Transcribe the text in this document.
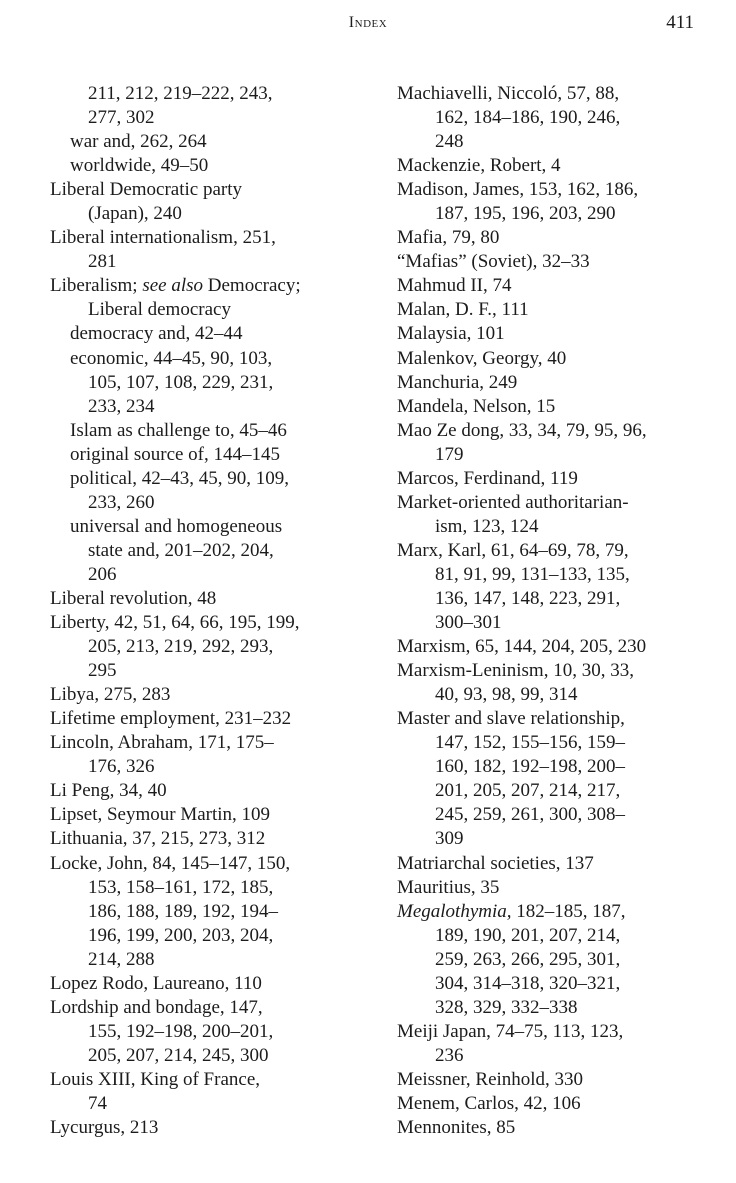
Index	411
211, 212, 219–222, 243,
277, 302
war and, 262, 264
worldwide, 49–50
Liberal Democratic party
(Japan), 240
Liberal internationalism, 251,
281
Liberalism; see also Democracy;
Liberal democracy
democracy and, 42–44
economic, 44–45, 90, 103,
105, 107, 108, 229, 231,
233, 234
Islam as challenge to, 45–46
original source of, 144–145
political, 42–43, 45, 90, 109,
233, 260
universal and homogeneous
state and, 201–202, 204,
206
Liberal revolution, 48
Liberty, 42, 51, 64, 66, 195, 199,
205, 213, 219, 292, 293,
295
Libya, 275, 283
Lifetime employment, 231–232
Lincoln, Abraham, 171, 175–
176, 326
Li Peng, 34, 40
Lipset, Seymour Martin, 109
Lithuania, 37, 215, 273, 312
Locke, John, 84, 145–147, 150,
153, 158–161, 172, 185,
186, 188, 189, 192, 194–
196, 199, 200, 203, 204,
214, 288
Lopez Rodo, Laureano, 110
Lordship and bondage, 147,
155, 192–198, 200–201,
205, 207, 214, 245, 300
Louis XIII, King of France,
74
Lycurgus, 213
Machiavelli, Niccoló, 57, 88,
162, 184–186, 190, 246,
248
Mackenzie, Robert, 4
Madison, James, 153, 162, 186,
187, 195, 196, 203, 290
Mafia, 79, 80
“Mafias” (Soviet), 32–33
Mahmud II, 74
Malan, D. F., 111
Malaysia, 101
Malenkov, Georgy, 40
Manchuria, 249
Mandela, Nelson, 15
Mao Ze dong, 33, 34, 79, 95, 96,
179
Marcos, Ferdinand, 119
Market-oriented authoritarian-
ism, 123, 124
Marx, Karl, 61, 64–69, 78, 79,
81, 91, 99, 131–133, 135,
136, 147, 148, 223, 291,
300–301
Marxism, 65, 144, 204, 205, 230
Marxism-Leninism, 10, 30, 33,
40, 93, 98, 99, 314
Master and slave relationship,
147, 152, 155–156, 159–
160, 182, 192–198, 200–
201, 205, 207, 214, 217,
245, 259, 261, 300, 308–
309
Matriarchal societies, 137
Mauritius, 35
Megalothymia, 182–185, 187,
189, 190, 201, 207, 214,
259, 263, 266, 295, 301,
304, 314–318, 320–321,
328, 329, 332–338
Meiji Japan, 74–75, 113, 123,
236
Meissner, Reinhold, 330
Menem, Carlos, 42, 106
Mennonites, 85
